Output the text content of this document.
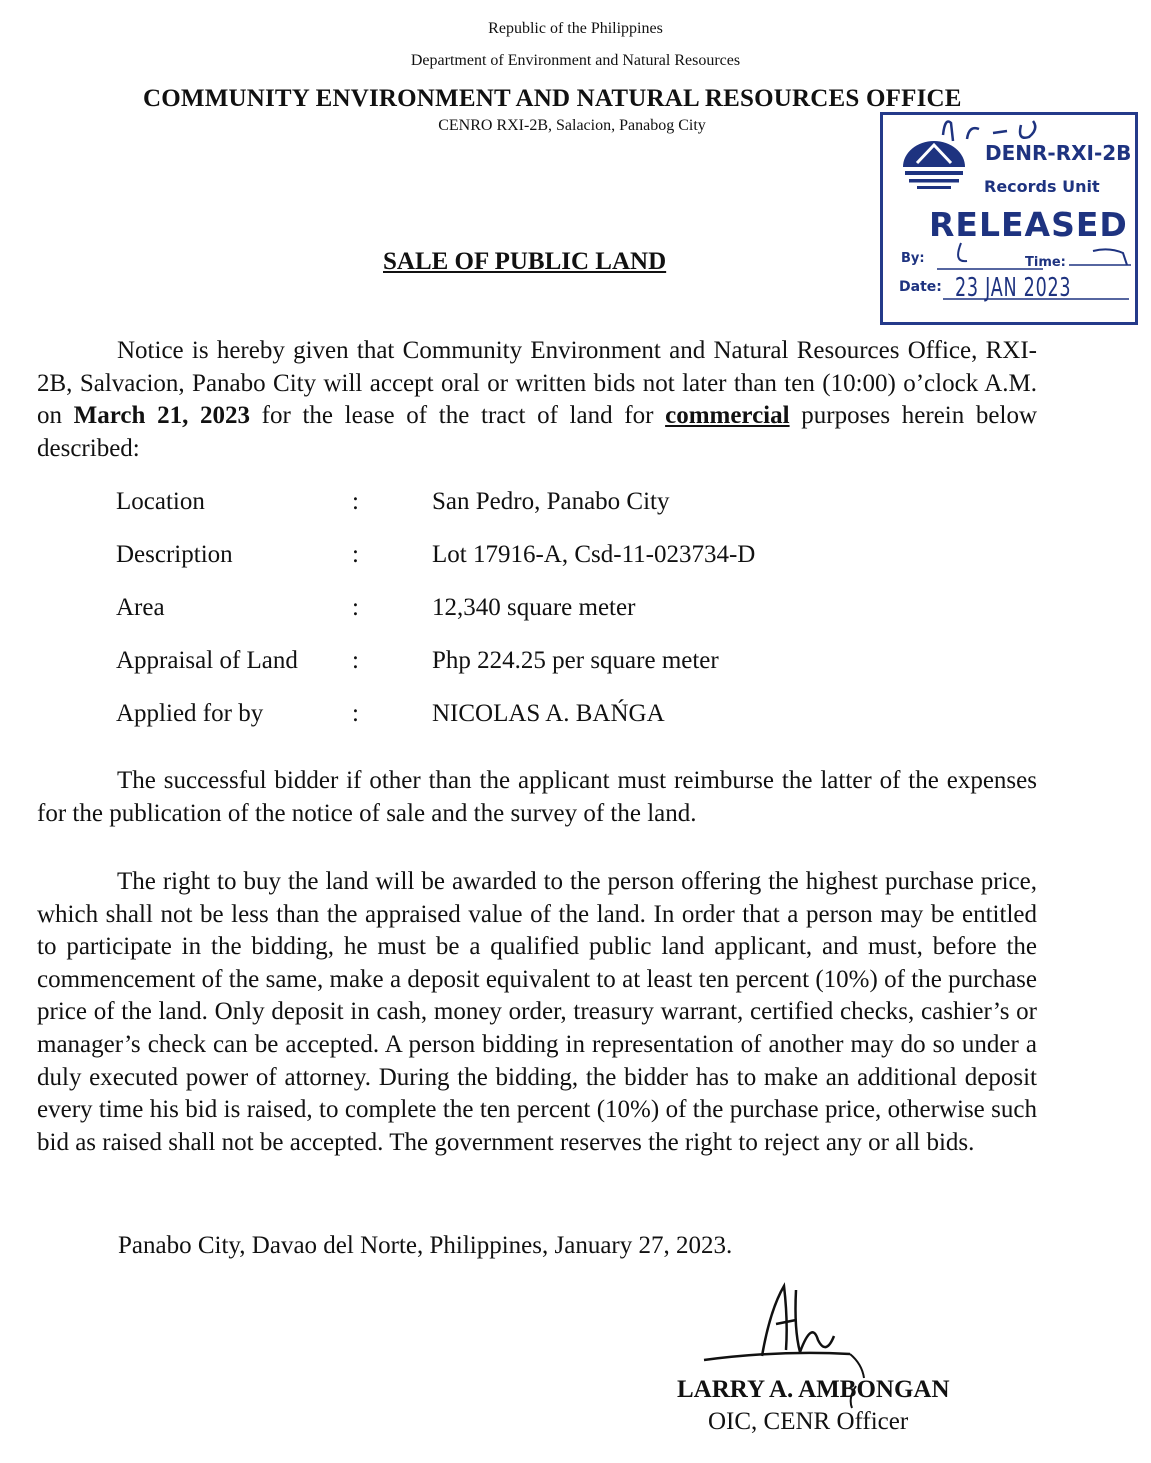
Republic of the Philippines
Department of Environment and Natural Resources
COMMUNITY ENVIRONMENT AND NATURAL RESOURCES OFFICE
CENRO RXI-2B, Salacion, Panabog City
DENR-RXI-2B
Records Unit
RELEASED
By:	Time:
Date: 23 JAN 2023
SALE OF PUBLIC LAND

Notice is hereby given that Community Environment and Natural Resources Office, RXI-2B, Salvacion, Panabo City will accept oral or written bids not later than ten (10:00) o’clock A.M. on March 21, 2023 for the lease of the tract of land for commercial purposes herein below described:

Location	:	San Pedro, Panabo City
Description	:	Lot 17916-A, Csd-11-023734-D
Area	:	12,340 square meter
Appraisal of Land :	Php 224.25 per square meter
Applied for by	:	NICOLAS A. BAŃGA

The successful bidder if other than the applicant must reimburse the latter of the expenses for the publication of the notice of sale and the survey of the land.

The right to buy the land will be awarded to the person offering the highest purchase price, which shall not be less than the appraised value of the land. In order that a person may be entitled to participate in the bidding, he must be a qualified public land applicant, and must, before the commencement of the same, make a deposit equivalent to at least ten percent (10%) of the purchase price of the land. Only deposit in cash, money order, treasury warrant, certified checks, cashier’s or manager’s check can be accepted. A person bidding in representation of another may do so under a duly executed power of attorney. During the bidding, the bidder has to make an additional deposit every time his bid is raised, to complete the ten percent (10%) of the purchase price, otherwise such bid as raised shall not be accepted. The government reserves the right to reject any or all bids.

Panabo City, Davao del Norte, Philippines, January 27, 2023.
LARRY A. AMBONGAN
OIC, CENR Officer
